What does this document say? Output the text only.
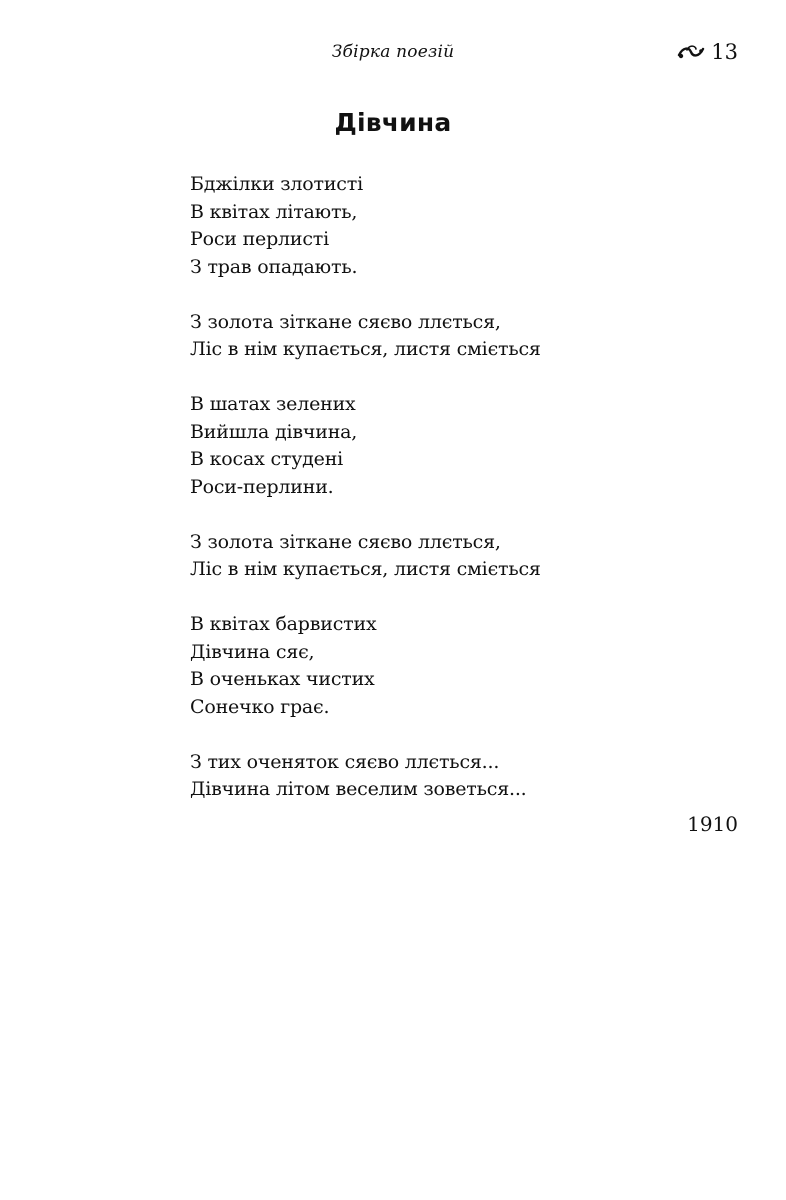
Збірка поезій	13
Дівчина
Бджілки злотисті
В квітах літають,
Роси перлисті
З трав опадають.
З золота зіткане сяєво ллється,
Ліс в нім купається, листя сміється
В шатах зелених
Вийшла дівчина,
В косах студені
Роси-перлини.
З золота зіткане сяєво ллється,
Ліс в нім купається, листя сміється
В квітах барвистих
Дівчина сяє,
В оченьках чистих
Сонечко грає.
З тих оченяток сяєво ллється...
Дівчина літом веселим зоветься...
1910
